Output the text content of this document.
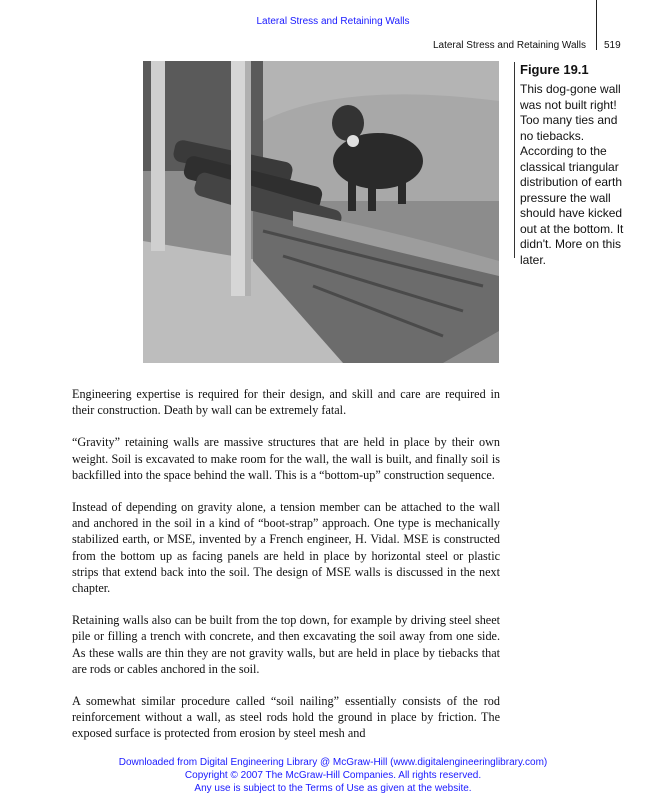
Lateral Stress and Retaining Walls
Lateral Stress and Retaining Walls 519
Figure 19.1
This dog-gone wall was not built right! Too many ties and no tiebacks. According to the classical triangular distribution of earth pressure the wall should have kicked out at the bottom. It didn't. More on this later.

Engineering expertise is required for their design, and skill and care are required in their construction. Death by wall can be extremely fatal.

“Gravity” retaining walls are massive structures that are held in place by their own weight. Soil is excavated to make room for the wall, the wall is built, and finally soil is backfilled into the space behind the wall. This is a “bottom-up” construction sequence.

Instead of depending on gravity alone, a tension member can be attached to the wall and anchored in the soil in a kind of “boot-strap” approach. One type is mechanically stabilized earth, or MSE, invented by a French engineer, H. Vidal. MSE is constructed from the bottom up as facing panels are held in place by horizontal steel or plastic strips that extend back into the soil. The design of MSE walls is discussed in the next chapter.

Retaining walls also can be built from the top down, for example by driving steel sheet pile or filling a trench with concrete, and then excavating the soil away from one side. As these walls are thin they are not gravity walls, but are held in place by tiebacks that are rods or cables anchored in the soil.

A somewhat similar procedure called “soil nailing” essentially consists of the rod reinforcement without a wall, as steel rods hold the ground in place by friction. The exposed surface is protected from erosion by steel mesh and

Downloaded from Digital Engineering Library @ McGraw-Hill (www.digitalengineeringlibrary.com)
Copyright © 2007 The McGraw-Hill Companies. All rights reserved.
Any use is subject to the Terms of Use as given at the website.
